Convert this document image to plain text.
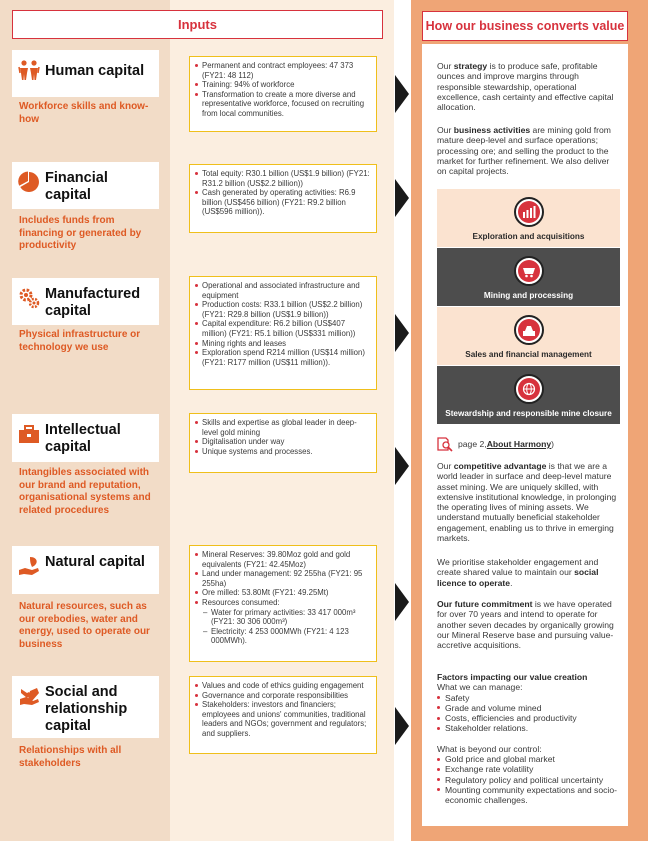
Inputs	How our business converts value
Human capital
Workforce skills and know-how
Permanent and contract employees: 47 373 (FY21: 48 112)
Training: 94% of workforce
Transformation to create a more diverse and representative workforce, focused on recruiting from local communities.
Financial capital
Includes funds from financing or generated by productivity
Total equity: R30.1 billion (US$1.9 billion) (FY21: R31.2 billion (US$2.2 billion))
Cash generated by operating activities: R6.9 billion (US$456 billion) (FY21: R9.2 billion (US$596 million)).
Manufactured capital
Physical infrastructure or technology we use
Operational and associated infrastructure and equipment
Production costs: R33.1 billion (US$2.2 billion) (FY21: R29.8 billion (US$1.9 billion))
Capital expenditure: R6.2 billion (US$407 million) (FY21: R5.1 billion (US$331 million))
Mining rights and leases
Exploration spend R214 million (US$14 million) (FY21: R177 million (US$11 million)).
Intellectual capital
Intangibles associated with our brand and reputation, organisational systems and related procedures
Skills and expertise as global leader in deep-level gold mining
Digitalisation under way
Unique systems and processes.
Natural capital
Natural resources, such as our orebodies, water and energy, used to operate our business
Mineral Reserves: 39.80Moz gold and gold equivalents (FY21: 42.45Moz)
Land under management: 92 255ha (FY21: 95 255ha)
Ore milled: 53.80Mt (FY21: 49.25Mt)
Resources consumed:
– Water for primary activities: 33 417 000m³ (FY21: 30 306 000m³)
– Electricity: 4 253 000MWh (FY21: 4 123 000MWh).
Social and relationship capital
Relationships with all stakeholders
Values and code of ethics guiding engagement
Governance and corporate responsibilities
Stakeholders: investors and financiers; employees and unions' communities, traditional leaders and NGOs; government and regulators; and suppliers.
Our strategy is to produce safe, profitable ounces and improve margins through responsible stewardship, operational excellence, cash certainty and effective capital allocation.
Our business activities are mining gold from mature deep-level and surface operations; processing ore; and selling the product to the market for further refinement. We also deliver on capital projects.
Exploration and acquisitions
Mining and processing
Sales and financial management
Stewardship and responsible mine closure
page 2, About Harmony )
Our competitive advantage is that we are a world leader in surface and deep-level mature asset mining. We are uniquely skilled, with extensive institutional knowledge, in prolonging the operating lives of mining assets. We understand mutually beneficial stakeholder engagement, enabling us to thrive in emerging markets.
We prioritise stakeholder engagement and create shared value to maintain our social licence to operate.
Our future commitment is we have operated for over 70 years and intend to operate for another seven decades by organically growing our Mineral Reserve base and pursuing value-accretive acquisitions.
Factors impacting our value creation
What we can manage:
Safety
Grade and volume mined
Costs, efficiencies and productivity
Stakeholder relations.
What is beyond our control:
Gold price and global market
Exchange rate volatility
Regulatory policy and political uncertainty
Mounting community expectations and socio-economic challenges.
